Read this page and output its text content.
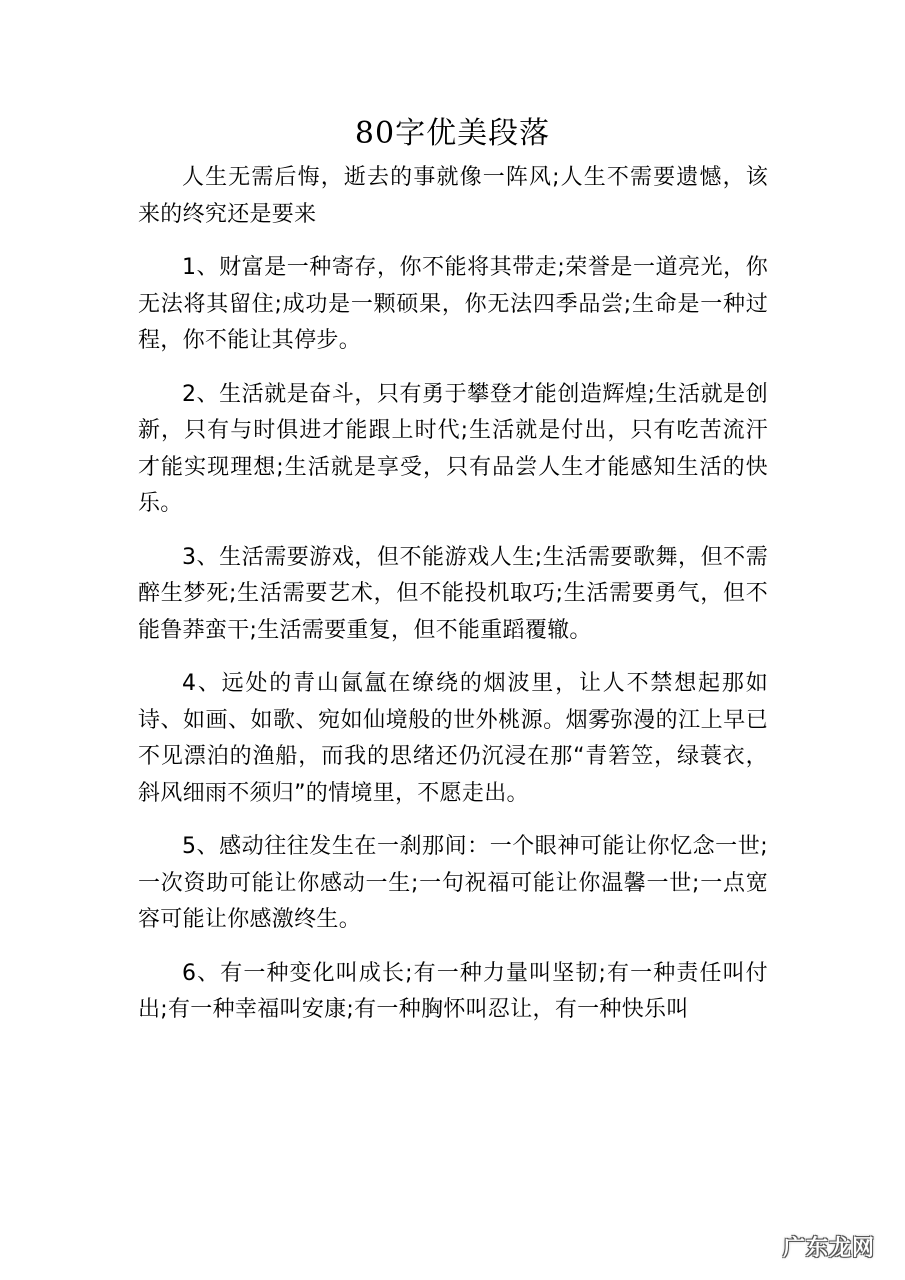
80字优美段落

人生无需后悔，逝去的事就像一阵风;人生不需要遗憾，该来的终究还是要来

1、财富是一种寄存，你不能将其带走;荣誉是一道亮光，你无法将其留住;成功是一颗硕果，你无法四季品尝;生命是一种过程，你不能让其停步。

2、生活就是奋斗，只有勇于攀登才能创造辉煌;生活就是创新，只有与时俱进才能跟上时代;生活就是付出，只有吃苦流汗才能实现理想;生活就是享受，只有品尝人生才能感知生活的快乐。

3、生活需要游戏，但不能游戏人生;生活需要歌舞，但不需醉生梦死;生活需要艺术，但不能投机取巧;生活需要勇气，但不能鲁莽蛮干;生活需要重复，但不能重蹈覆辙。

4、远处的青山氤氲在缭绕的烟波里，让人不禁想起那如诗、如画、如歌、宛如仙境般的世外桃源。烟雾弥漫的江上早已不见漂泊的渔船，而我的思绪还仍沉浸在那“青箬笠，绿蓑衣，斜风细雨不须归”的情境里，不愿走出。

5、感动往往发生在一刹那间：一个眼神可能让你忆念一世;一次资助可能让你感动一生;一句祝福可能让你温馨一世;一点宽容可能让你感激终生。

6、有一种变化叫成长;有一种力量叫坚韧;有一种责任叫付出;有一种幸福叫安康;有一种胸怀叫忍让，有一种快乐叫

广东龙网
